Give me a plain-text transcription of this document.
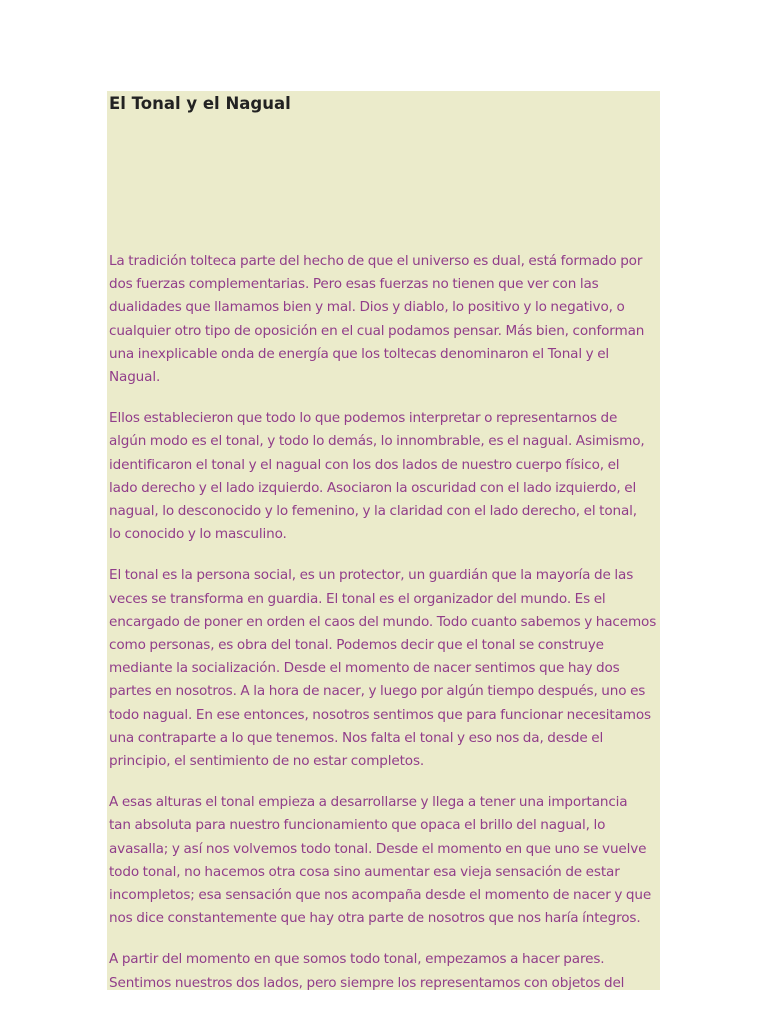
El Tonal y el Nagual

La tradición tolteca parte del hecho de que el universo es dual, está formado por
dos fuerzas complementarias. Pero esas fuerzas no tienen que ver con las
dualidades que llamamos bien y mal. Dios y diablo, lo positivo y lo negativo, o
cualquier otro tipo de oposición en el cual podamos pensar. Más bien, conforman
una inexplicable onda de energía que los toltecas denominaron el Tonal y el
Nagual.

Ellos establecieron que todo lo que podemos interpretar o representarnos de
algún modo es el tonal, y todo lo demás, lo innombrable, es el nagual. Asimismo,
identificaron el tonal y el nagual con los dos lados de nuestro cuerpo físico, el
lado derecho y el lado izquierdo. Asociaron la oscuridad con el lado izquierdo, el
nagual, lo desconocido y lo femenino, y la claridad con el lado derecho, el tonal,
lo conocido y lo masculino.

El tonal es la persona social, es un protector, un guardián que la mayoría de las
veces se transforma en guardia. El tonal es el organizador del mundo. Es el
encargado de poner en orden el caos del mundo. Todo cuanto sabemos y hacemos
como personas, es obra del tonal. Podemos decir que el tonal se construye
mediante la socialización. Desde el momento de nacer sentimos que hay dos
partes en nosotros. A la hora de nacer, y luego por algún tiempo después, uno es
todo nagual. En ese entonces, nosotros sentimos que para funcionar necesitamos
una contraparte a lo que tenemos. Nos falta el tonal y eso nos da, desde el
principio, el sentimiento de no estar completos.

A esas alturas el tonal empieza a desarrollarse y llega a tener una importancia
tan absoluta para nuestro funcionamiento que opaca el brillo del nagual, lo
avasalla; y así nos volvemos todo tonal. Desde el momento en que uno se vuelve
todo tonal, no hacemos otra cosa sino aumentar esa vieja sensación de estar
incompletos; esa sensación que nos acompaña desde el momento de nacer y que
nos dice constantemente que hay otra parte de nosotros que nos haría íntegros.

A partir del momento en que somos todo tonal, empezamos a hacer pares.
Sentimos nuestros dos lados, pero siempre los representamos con objetos del
